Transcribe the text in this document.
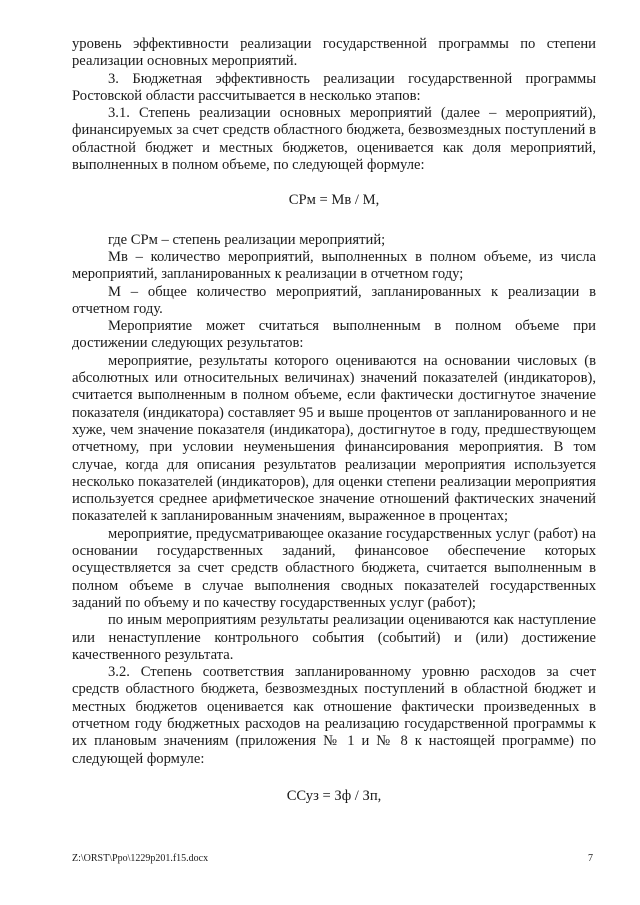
уровень эффективности реализации государственной программы по степени реализации основных мероприятий.

3. Бюджетная эффективность реализации государственной программы Ростовской области рассчитывается в несколько этапов:

3.1. Степень реализации основных мероприятий (далее – мероприятий), финансируемых за счет средств областного бюджета, безвозмездных поступлений в областной бюджет и местных бюджетов, оценивается как доля мероприятий, выполненных в полном объеме, по следующей формуле:

СРм = Мв / М,

где СРм – степень реализации мероприятий;

Мв – количество мероприятий, выполненных в полном объеме, из числа мероприятий, запланированных к реализации в отчетном году;

М – общее количество мероприятий, запланированных к реализации в отчетном году.

Мероприятие может считаться выполненным в полном объеме при достижении следующих результатов:

мероприятие, результаты которого оцениваются на основании числовых (в абсолютных или относительных величинах) значений показателей (индикаторов), считается выполненным в полном объеме, если фактически достигнутое значение показателя (индикатора) составляет 95 и выше процентов от запланированного и не хуже, чем значение показателя (индикатора), достигнутое в году, предшествующем отчетному, при условии неуменьшения финансирования мероприятия. В том случае, когда для описания результатов реализации мероприятия используется несколько показателей (индикаторов), для оценки степени реализации мероприятия используется среднее арифметическое значение отношений фактических значений показателей к запланированным значениям, выраженное в процентах;

мероприятие, предусматривающее оказание государственных услуг (работ) на основании государственных заданий, финансовое обеспечение которых осуществляется за счет средств областного бюджета, считается выполненным в полном объеме в случае выполнения сводных показателей государственных заданий по объему и по качеству государственных услуг (работ);

по иным мероприятиям результаты реализации оцениваются как наступление или ненаступление контрольного события (событий) и (или) достижение качественного результата.

3.2. Степень соответствия запланированному уровню расходов за счет средств областного бюджета, безвозмездных поступлений в областной бюджет и местных бюджетов оценивается как отношение фактически произведенных в отчетном году бюджетных расходов на реализацию государственной программы к их плановым значениям (приложения № 1 и № 8 к настоящей программе) по следующей формуле:

ССуз = Зф / Зп,

Z:\ORST\Ppo\1229p201.f15.docx	7
